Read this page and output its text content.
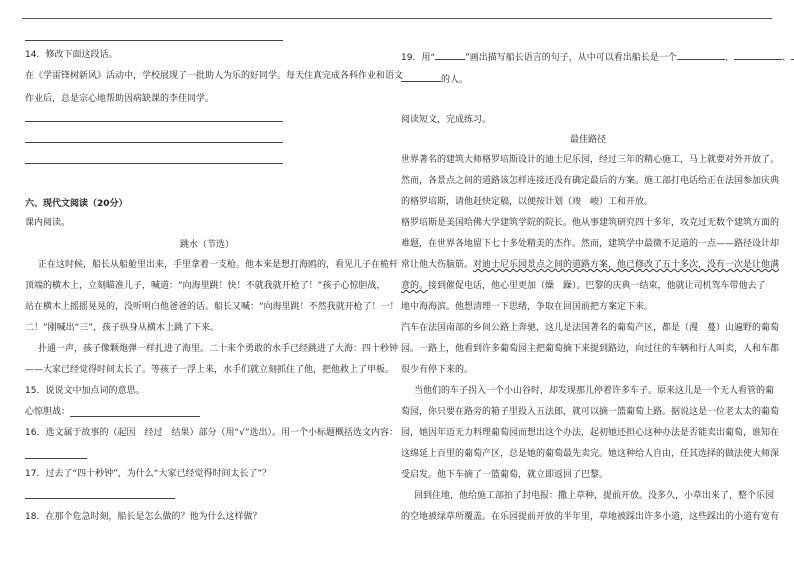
14．修改下面这段话。
在《学雷锋树新风》活动中，学校展现了一批助人为乐的好同学。每天住真完成各科作业和语文
作业后，总是宗心地帮助因病缺课的李佳同学。
六、现代文阅读（20分）
课内阅读。
跳水（节选）
正在这时候，船长从船舱里出来，手里拿着一支枪。他本来是想打海鸥的，看见儿子在桅杆
顶端的横木上，立刻瞄准儿子，喊道：“向海里跳！快！不就我就开枪了！”孩子心惊胆战，
站在横木上摇摇晃晃的，没听明白他爸爸的话。船长又喊：“向海里跳！不然我就开枪了！一！
二！”刚喊出“三”，孩子纵身从横木上跳了下来。
扑通一声，孩子像颗炮弹一样扎进了海里。二十来个勇敢的水手已经跳进了大海：四十秒钟
——大家已经觉得时间太长了。等孩子一浮上来，水手们就立刻抓住了他，把他救上了甲板。
15．说说文中加点词的意思。
心惊胆战：
16．选文属于故事的（起因　经过　结果）部分（用“√”选出）。用一个小标题概括选文内容：
17．过去了“四十秒钟”，为什么“大家已经觉得时间太长了”？
18．在那个危急时刻，船长是怎么做的？他为什么这样做？
19．用“	”画出描写船长语言的句子，从中可以看出船长是一个	、	、
的人。
阅读短文，完成练习。
最佳路径
世界著名的建筑大师格罗培斯设计的迪士尼乐园，经过三年的精心施工，马上就要对外开放了。
然而，各景点之间的道路该怎样连接还没有确定最后的方案。施工部打电话给正在法国参加庆典
的格罗培斯，请他赶快定稿，以便按计划（竣　峻）工和开放。
格罗培斯是美国哈佛大学建筑学院的院长。他从事建筑研究四十多年，攻克过无数个建筑方面的
难题，在世界各地留下七十多处精美的杰作。然而，建筑学中最微不足道的一点——路径设计却
常让他大伤脑筋。对迪士尼乐园景点之间的道路方案，他已修改了五十多次，没有一次是让他满
意的。接到催促电话，他心里更加（燥　躁）。巴黎的庆典一结束，他就让司机驾车带他去了
地中海海滨。他想清理一下思绪，争取在回国前把方案定下来。
汽车在法国南部的乡间公路上奔驰，这儿是法国著名的葡萄产区，都是（漫　蔓）山遍野的葡萄
园。一路上，他看到许多葡萄园主把葡萄摘下来提到路边，向过往的车辆和行人叫卖，人和车都
很少有停下来的。
当他们的车子拐入一个小山谷时，却发现那儿停着许多车子。原来这儿是一个无人看管的葡
萄园，你只要在路旁的箱子里投入五法郎，就可以摘一篮葡萄上路。据说这是一位老太太的葡萄
园，她因年迈无力料理葡萄园而想出这个办法，起初她还担心这种办法是否能卖出葡萄，谁知在
这绵延上百里的葡萄产区，总是她的葡萄最先卖完。她这种给人自由，任其选择的做法使大师深
受启发。他下车摘了一篮葡萄，就立即返回了巴黎。
回到住地，他给施工部拍了封电报：撒上草种，提前开放。没多久，小草出来了，整个乐园
的空地被绿草所覆盖。在乐园提前开放的半年里，草地被踩出许多小道，这些踩出的小道有宽有
